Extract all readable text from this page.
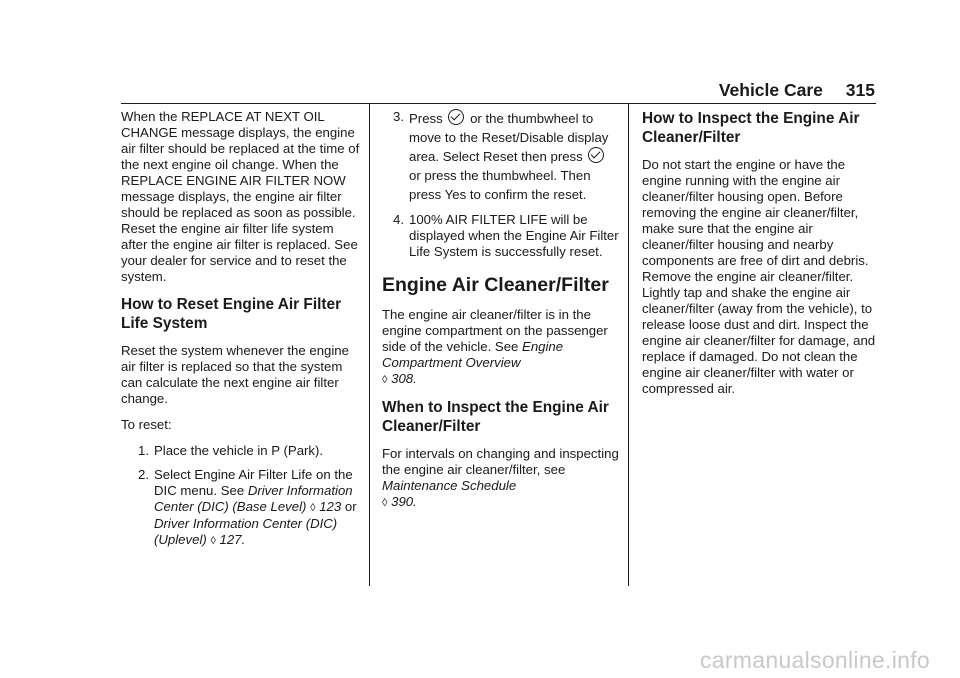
Vehicle Care 315

When the REPLACE AT NEXT OIL CHANGE message displays, the engine air filter should be replaced at the time of the next engine oil change. When the REPLACE ENGINE AIR FILTER NOW message displays, the engine air filter should be replaced as soon as possible. Reset the engine air filter life system after the engine air filter is replaced. See your dealer for service and to reset the system.

How to Reset Engine Air Filter Life System

Reset the system whenever the engine air filter is replaced so that the system can calculate the next engine air filter change.

To reset:

1. Place the vehicle in P (Park).
2. Select Engine Air Filter Life on the DIC menu. See Driver Information Center (DIC) (Base Level) ◊ 123 or Driver Information Center (DIC) (Uplevel) ◊ 127.
3. Press or the thumbwheel to move to the Reset/Disable display area. Select Reset then press  or press the thumbwheel. Then press Yes to confirm the reset.
4. 100% AIR FILTER LIFE will be displayed when the Engine Air Filter Life System is successfully reset.
Engine Air Cleaner/Filter

The engine air cleaner/filter is in the engine compartment on the passenger side of the vehicle. See Engine Compartment Overview
◊ 308.

When to Inspect the Engine Air Cleaner/Filter

For intervals on changing and inspecting the engine air cleaner/filter, see Maintenance Schedule
◊ 390.

How to Inspect the Engine Air Cleaner/Filter

Do not start the engine or have the engine running with the engine air cleaner/filter housing open. Before removing the engine air cleaner/filter, make sure that the engine air cleaner/filter housing and nearby components are free of dirt and debris. Remove the engine air cleaner/filter. Lightly tap and shake the engine air cleaner/filter (away from the vehicle), to release loose dust and dirt. Inspect the engine air cleaner/filter for damage, and replace if damaged. Do not clean the engine air cleaner/filter with water or compressed air.

carmanualsonline.info
